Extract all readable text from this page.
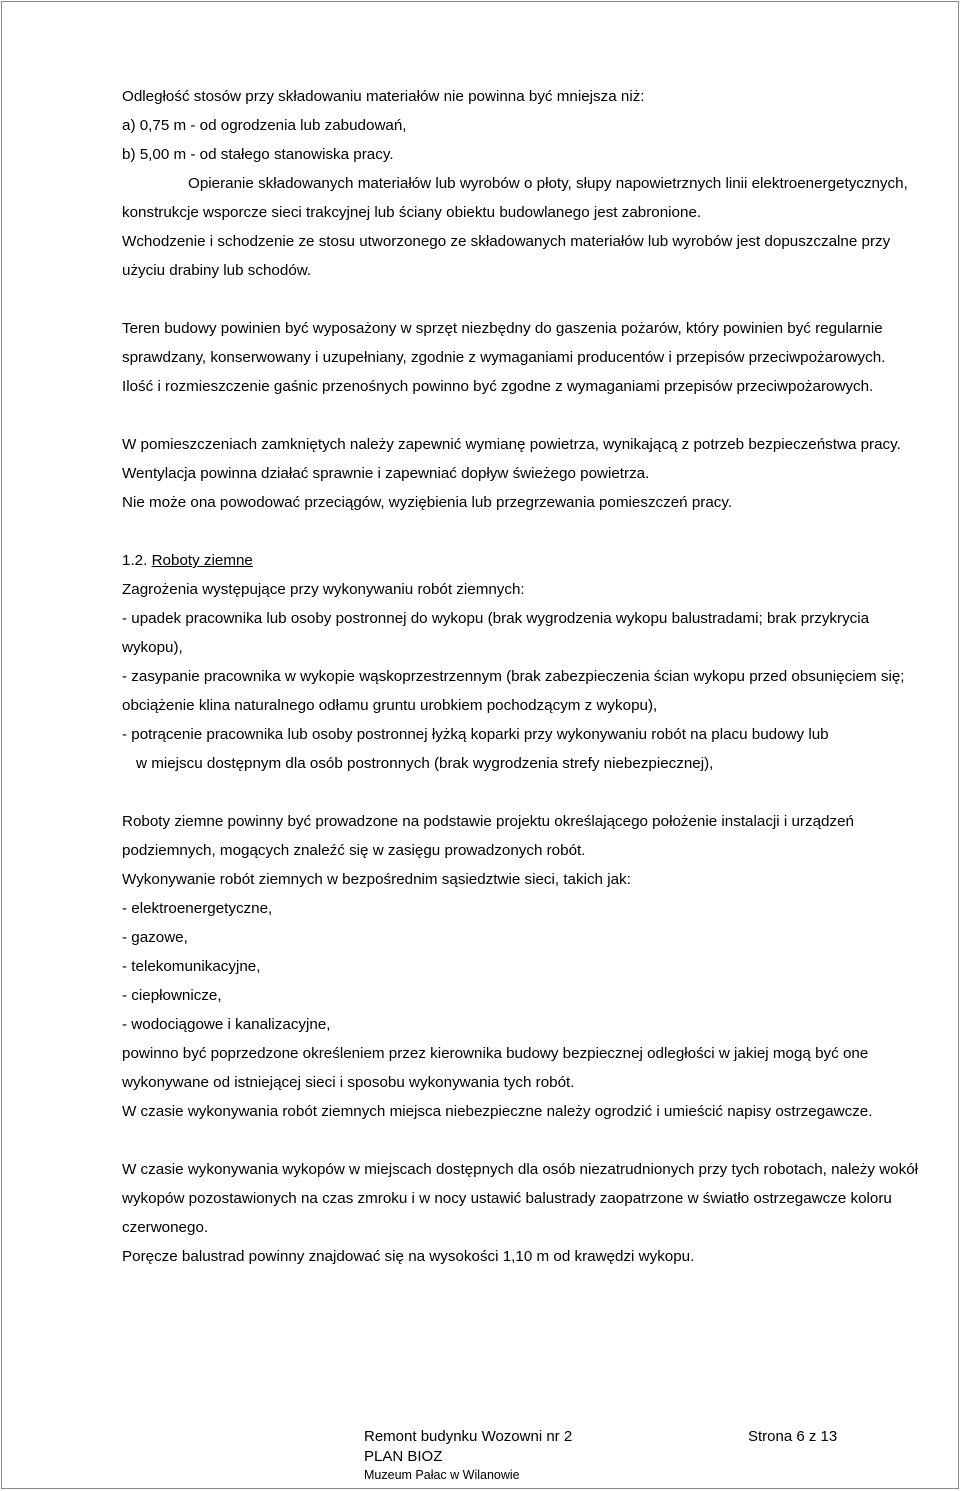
Odległość stosów przy składowaniu materiałów nie powinna być mniejsza niż:

a) 0,75 m - od ogrodzenia lub zabudowań,

b) 5,00 m - od stałego stanowiska pracy.

Opieranie składowanych materiałów lub wyrobów o płoty, słupy napowietrznych linii elektroenergetycznych, konstrukcje wsporcze sieci trakcyjnej lub ściany obiektu budowlanego jest zabronione.

Wchodzenie i schodzenie ze stosu utworzonego ze składowanych materiałów lub wyrobów jest dopuszczalne przy użyciu drabiny lub schodów.

Teren budowy powinien być wyposażony w sprzęt niezbędny do gaszenia pożarów, który powinien być regularnie sprawdzany, konserwowany i uzupełniany, zgodnie z wymaganiami producentów i przepisów przeciwpożarowych.

Ilość i rozmieszczenie gaśnic przenośnych powinno być zgodne z wymaganiami przepisów przeciwpożarowych.

W pomieszczeniach zamkniętych należy zapewnić wymianę powietrza, wynikającą z potrzeb bezpieczeństwa pracy.

Wentylacja powinna działać sprawnie i zapewniać dopływ świeżego powietrza.

Nie może ona powodować przeciągów, wyziębienia lub przegrzewania pomieszczeń pracy.

1.2. Roboty ziemne

Zagrożenia występujące przy wykonywaniu robót ziemnych:

- upadek pracownika lub osoby postronnej do wykopu (brak wygrodzenia wykopu balustradami; brak przykrycia wykopu),

- zasypanie pracownika w wykopie wąskoprzestrzennym (brak zabezpieczenia ścian wykopu przed obsunięciem się; obciążenie klina naturalnego odłamu gruntu urobkiem pochodzącym z wykopu),

- potrącenie pracownika lub osoby postronnej łyżką koparki przy wykonywaniu robót na placu budowy lub

w miejscu dostępnym dla osób postronnych (brak wygrodzenia strefy niebezpiecznej),

Roboty ziemne powinny być prowadzone na podstawie projektu określającego położenie instalacji i urządzeń podziemnych, mogących znaleźć się w zasięgu prowadzonych robót.

Wykonywanie robót ziemnych w bezpośrednim sąsiedztwie sieci, takich jak:

- elektroenergetyczne,

- gazowe,

- telekomunikacyjne,

- ciepłownicze,

- wodociągowe i kanalizacyjne,

powinno być poprzedzone określeniem przez kierownika budowy bezpiecznej odległości w jakiej mogą być one wykonywane od istniejącej sieci i sposobu wykonywania tych robót.

W czasie wykonywania robót ziemnych miejsca niebezpieczne należy ogrodzić i umieścić napisy ostrzegawcze.

W czasie wykonywania wykopów w miejscach dostępnych dla osób niezatrudnionych przy tych robotach, należy wokół wykopów pozostawionych na czas zmroku i w nocy ustawić balustrady zaopatrzone w światło ostrzegawcze koloru czerwonego.

Poręcze balustrad powinny znajdować się na wysokości 1,10 m od krawędzi wykopu.

Remont budynku Wozowni nr 2	Strona 6 z 13
PLAN BIOZ
Muzeum Pałac w Wilanowie
